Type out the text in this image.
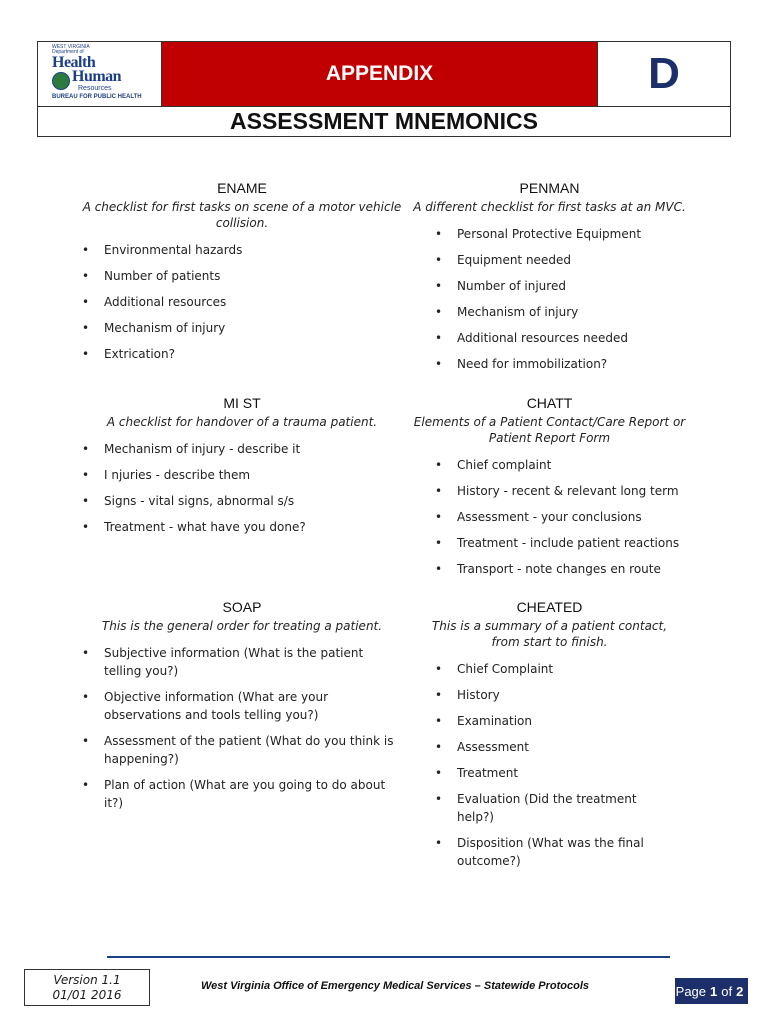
WEST VIRGINIA
Department of
Health
Human
Resources
BUREAU FOR PUBLIC HEALTH
APPENDIX	D
ASSESSMENT MNEMONICS
ENAME

A checklist for first tasks on scene of a motor vehicle collision.

• Environmental hazards
• Number of patients
• Additional resources
• Mechanism of injury
• Extrication?
MI ST

A checklist for handover of a trauma patient.

• Mechanism of injury - describe it
• I njuries - describe them
• Signs - vital signs, abnormal s/s
• Treatment - what have you done?
SOAP

This is the general order for treating a patient.

• Subjective information (What is the patient telling you?)
• Objective information (What are your observations and tools telling you?)
• Assessment of the patient (What do you think is happening?)
• Plan of action (What are you going to do about it?)
PENMAN

A different checklist for first tasks at an MVC.

• Personal Protective Equipment
• Equipment needed
• Number of injured
• Mechanism of injury
• Additional resources needed
• Need for immobilization?
CHATT

Elements of a Patient Contact/Care Report or Patient Report Form

• Chief complaint
• History - recent & relevant long term
• Assessment - your conclusions
• Treatment - include patient reactions
• Transport - note changes en route
CHEATED

This is a summary of a patient contact, from start to finish.

• Chief Complaint
• History
• Examination
• Assessment
• Treatment
• Evaluation (Did the treatment help?)
• Disposition (What was the final outcome?)
Version 1.1
01/01 2016
West Virginia Office of Emergency Medical Services – Statewide Protocols	Page 1 of 2
